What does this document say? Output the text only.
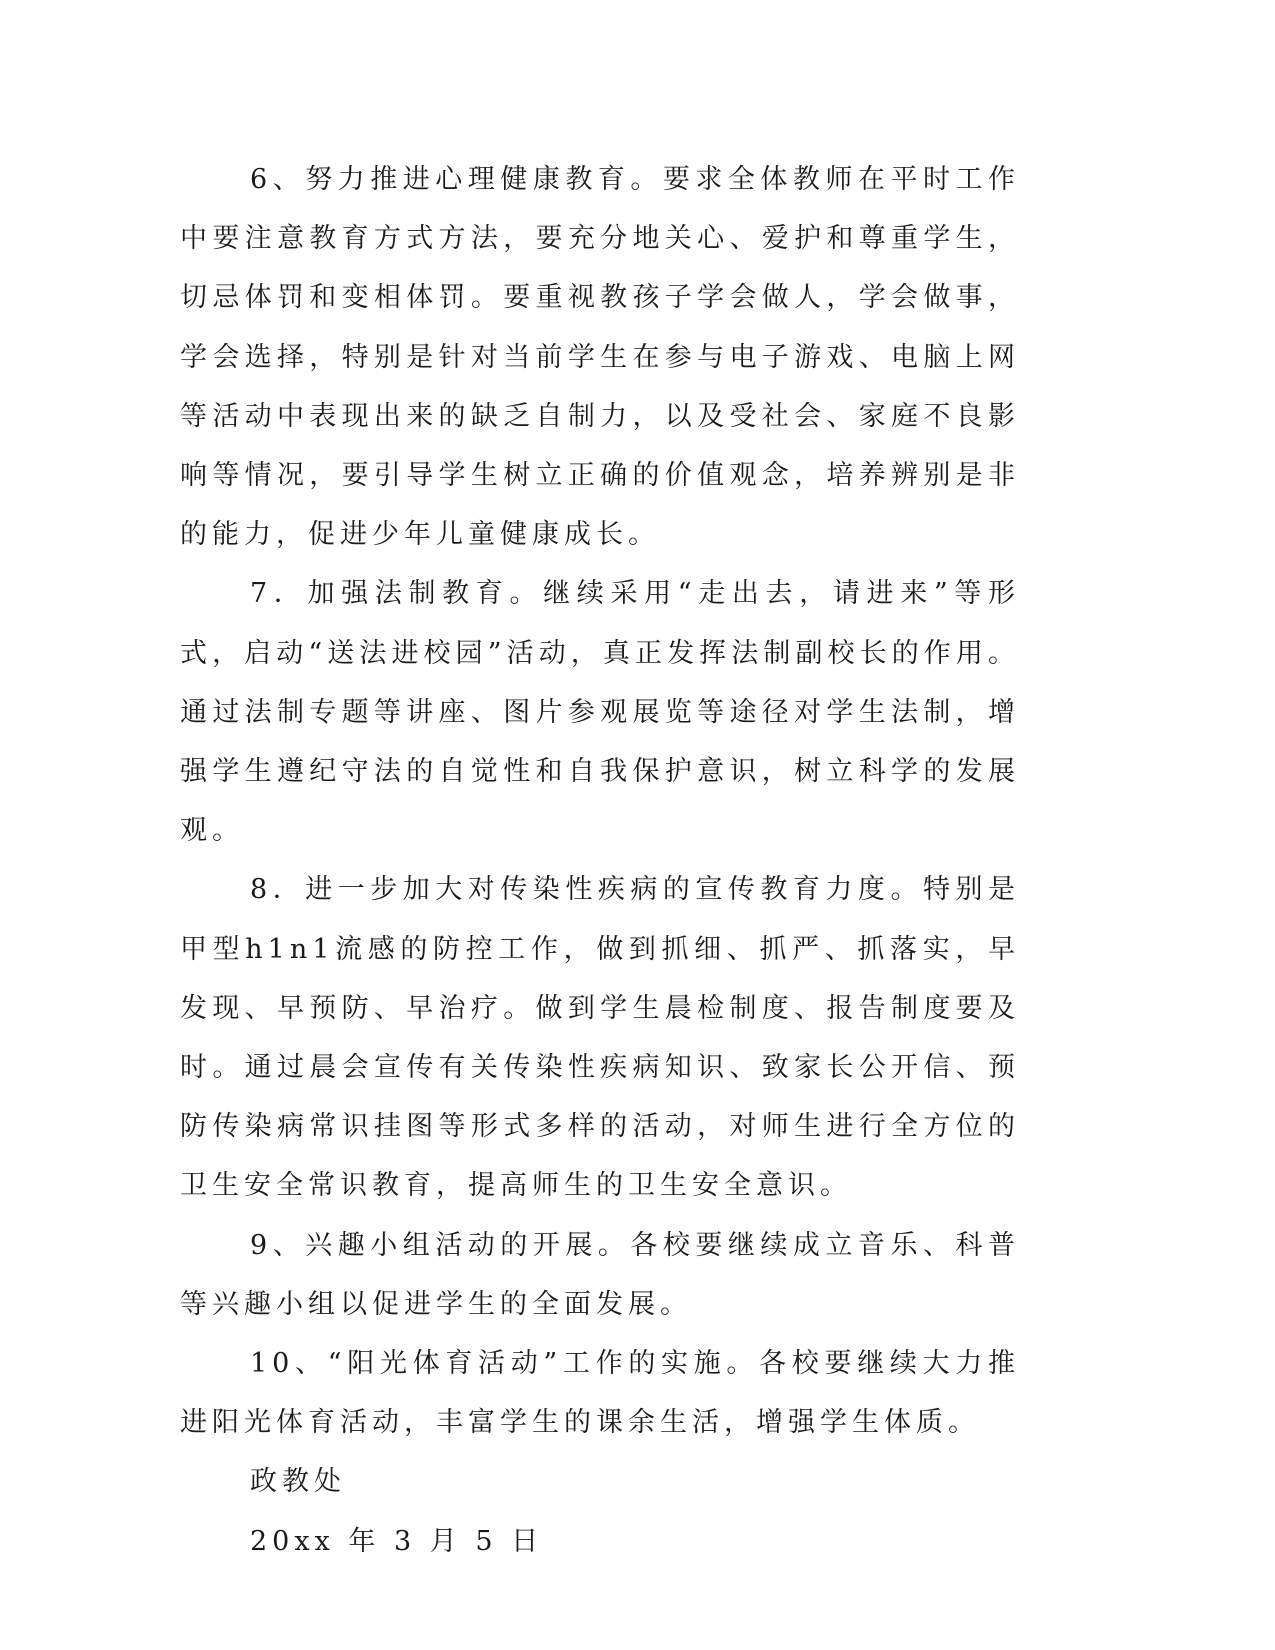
6、努力推进心理健康教育。要求全体教师在平时工作中要注意教育方式方法，要充分地关心、爱护和尊重学生，切忌体罚和变相体罚。要重视教孩子学会做人，学会做事，学会选择，特别是针对当前学生在参与电子游戏、电脑上网等活动中表现出来的缺乏自制力，以及受社会、家庭不良影响等情况，要引导学生树立正确的价值观念，培养辨别是非的能力，促进少年儿童健康成长。

7．加强法制教育。继续采用“走出去，请进来”等形式，启动“送法进校园”活动，真正发挥法制副校长的作用。通过法制专题等讲座、图片参观展览等途径对学生法制，增强学生遵纪守法的自觉性和自我保护意识，树立科学的发展观。

8．进一步加大对传染性疾病的宣传教育力度。特别是甲型h1n1流感的防控工作，做到抓细、抓严、抓落实，早发现、早预防、早治疗。做到学生晨检制度、报告制度要及时。通过晨会宣传有关传染性疾病知识、致家长公开信、预防传染病常识挂图等形式多样的活动，对师生进行全方位的卫生安全常识教育，提高师生的卫生安全意识。

9、兴趣小组活动的开展。各校要继续成立音乐、科普等兴趣小组以促进学生的全面发展。

10、“阳光体育活动”工作的实施。各校要继续大力推进阳光体育活动，丰富学生的课余生活，增强学生体质。

政教处

20xx 年 3 月 5 日
